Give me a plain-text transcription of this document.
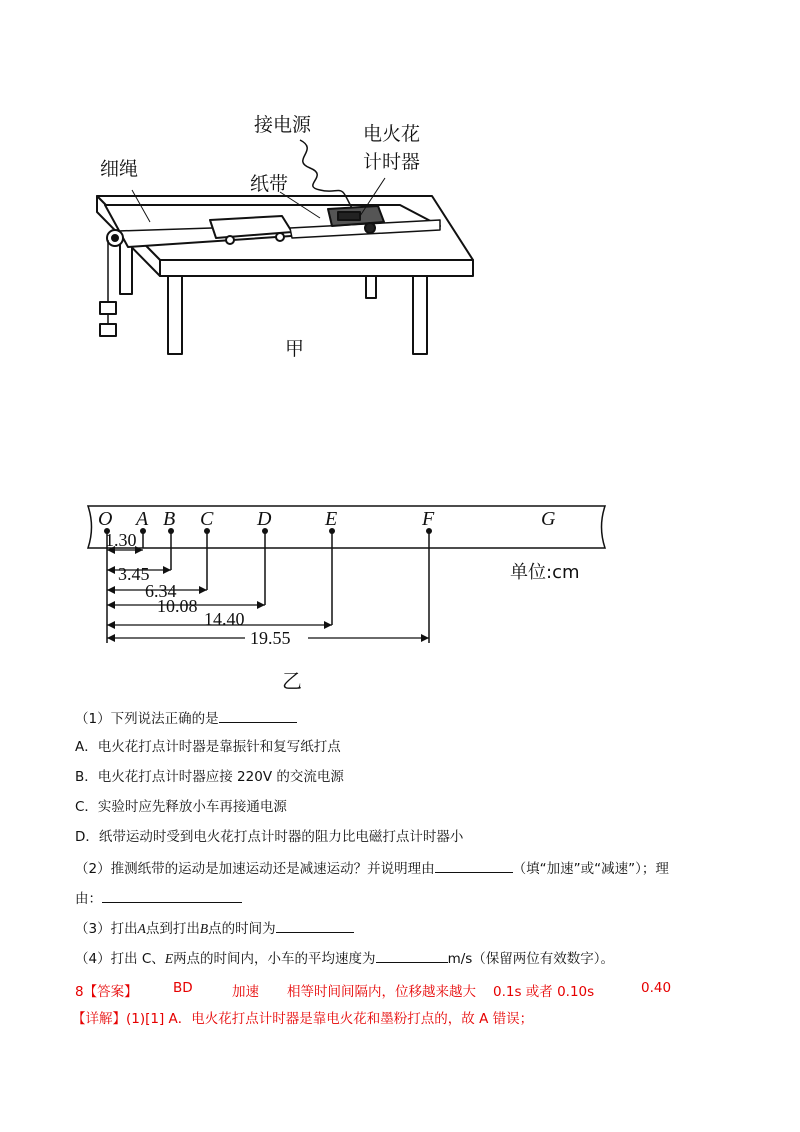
接电源	电火花
计时器
细绳
纸带
甲
O A B C D	E	F	G
1.30
3.45
6.34
10.08
14.40
19.55
单位:cm
乙
（1）下列说法正确的是
A．电火花打点计时器是靠振针和复写纸打点
B．电火花打点计时器应接 220V 的交流电源
C．实验时应先释放小车再接通电源
D．纸带运动时受到电火花打点计时器的阻力比电磁打点计时器小
（2）推测纸带的运动是加速运动还是减速运动？并说明理由	（填“加速”或“减速”）；理
由：
（3）打出A点到打出B点的时间为
（4）打出 C、E两点的时间内，小车的平均速度为	m/s（保留两位有效数字）。
8【答案】	BD	加速 相等时间间隔内，位移越来越大 0.1s 或者 0.10s	0.40
【详解】(1)[1] A．电火花打点计时器是靠电火花和墨粉打点的，故 A 错误；
